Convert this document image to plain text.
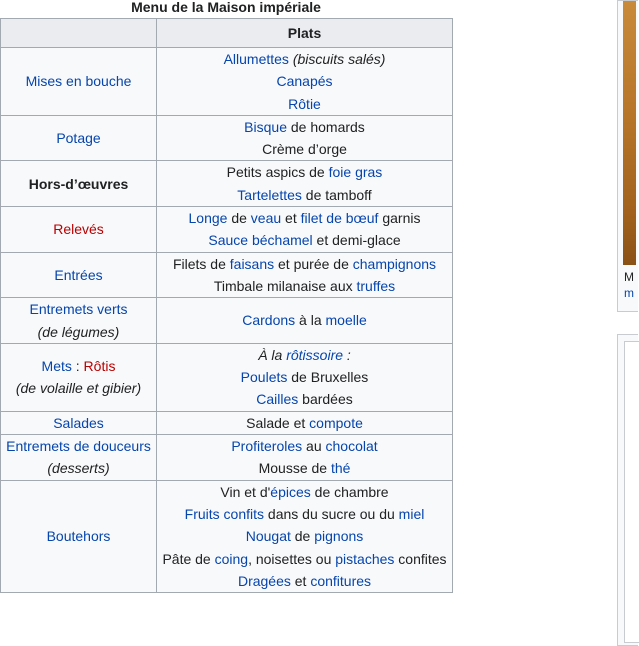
Menu de la Maison impériale
	Plats

Mises en bouche	Allumettes (biscuits salés)
Canapés
Rôtie

Potage	Bisque de homards
Crème d’orge

Hors-d’œuvres	Petits aspics de foie gras
Tartelettes de tamboff

Relevés	Longe de veau et filet de bœuf garnis
Sauce béchamel et demi-glace

Entrées	Filets de faisans et purée de champignons
Timbale milanaise aux truffes

Entremets verts
(de légumes)	Cardons à la moelle

Mets : Rôtis
(de volaille et gibier)	À la rôtissoire :
Poulets de Bruxelles
Cailles bardées

Salades	Salade et compote

Entremets de douceurs
(desserts)	Profiteroles au chocolat
Mousse de thé

Boutehors	Vin et d'épices de chambre
Fruits confits dans du sucre ou du miel
Nougat de pignons
Pâte de coing, noisettes ou pistaches confites
Dragées et confitures
M
m
